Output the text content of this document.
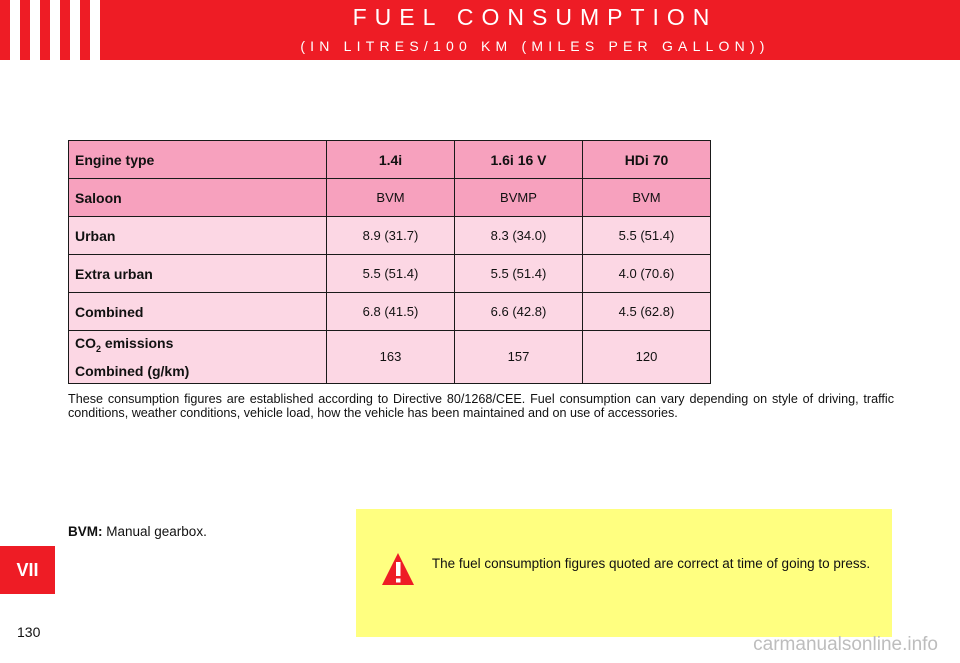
FUEL CONSUMPTION
(IN LITRES/100 KM (MILES PER GALLON))
Engine type	1.4i	1.6i 16 V	HDi 70
Saloon	BVM	BVMP	BVM
Urban	8.9 (31.7)	8.3 (34.0)	5.5 (51.4)
Extra urban	5.5 (51.4)	5.5 (51.4)	4.0 (70.6)
Combined	6.8 (41.5)	6.6 (42.8)	4.5 (62.8)

$CO_2$ emissions
Combined (g/km)	163	157	120
These consumption figures are established according to Directive 80/1268/CEE. Fuel consumption can vary depending on style of driving, traffic conditions, weather conditions, vehicle load, how the vehicle has been maintained and on use of accessories.
BVM: Manual gearbox.
The fuel consumption figures quoted are correct at time of going to press.
VII
130
carmanualsonline.info
